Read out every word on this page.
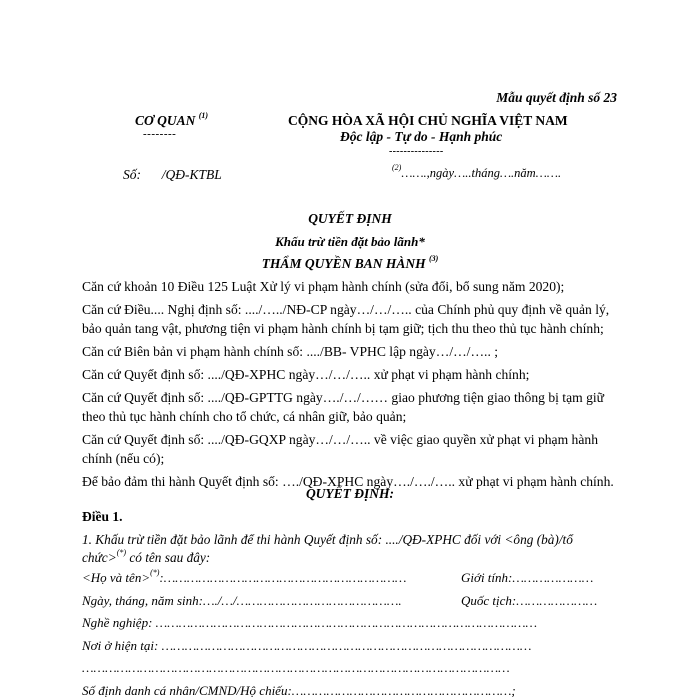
Mẫu quyết định số 23
CƠ QUAN $^{(1)}$
--------
CỘNG HÒA XÃ HỘI CHỦ NGHĨA VIỆT NAM
Độc lập - Tự do - Hạnh phúc
---------------
Số: /QĐ-KTBL	$^{(2)}$…….,ngày…..tháng….năm…….
QUYẾT ĐỊNH
Khấu trừ tiền đặt bảo lãnh*
THẨM QUYỀN BAN HÀNH $^{(3)}$

Căn cứ khoản 10 Điều 125 Luật Xử lý vi phạm hành chính (sửa đổi, bổ sung năm 2020);

Căn cứ Điều.... Nghị định số: ..../…../NĐ-CP ngày…/…/….. của Chính phủ quy định về quản lý, bảo quản tang vật, phương tiện vi phạm hành chính bị tạm giữ; tịch thu theo thủ tục hành chính;

Căn cứ Biên bản vi phạm hành chính số: ..../BB- VPHC lập ngày…/…/….. ;

Căn cứ Quyết định số: ..../QĐ-XPHC ngày…/…/….. xử phạt vi phạm hành chính;

Căn cứ Quyết định số: ..../QĐ-GPTTG ngày…./…/…… giao phương tiện giao thông bị tạm giữ theo thủ tục hành chính cho tổ chức, cá nhân giữ, bảo quản;

Căn cứ Quyết định số: ..../QĐ-GQXP ngày…/…/….. về việc giao quyền xử phạt vi phạm hành chính (nếu có);

Để bảo đảm thi hành Quyết định số: …./QĐ-XPHC ngày…./…./….. xử phạt vi phạm hành chính.

QUYẾT ĐỊNH:
Điều 1.
1. Khấu trừ tiền đặt bảo lãnh để thi hành Quyết định số: ..../QĐ-XPHC đối với <ông (bà)/tổ
chức>(*) có tên sau đây:
<Họ và tên>(*):………………………………………………………	Giới tính:…………………
Ngày, tháng, năm sinh:…./…/…………………………………….	Quốc tịch:…………………
Nghề nghiệp: ………………………………………………………………………………………
Nơi ở hiện tại: ……………………………………………………………………………………
…………………………………………………………………………………………………
Số định danh cá nhân/CMND/Hộ chiếu:…………………………………………………;
